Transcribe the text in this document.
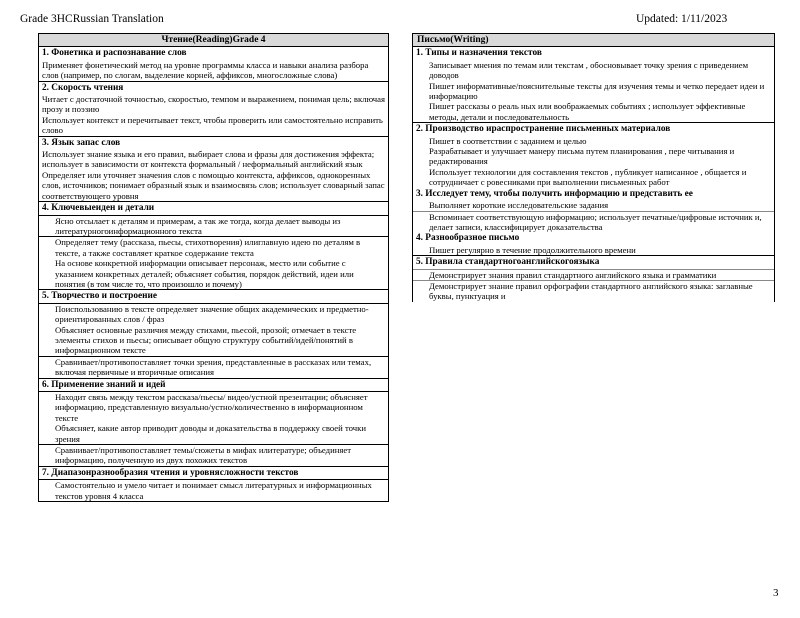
Grade 3HCRussian Translation	Updated: 1/11/2023
Чтение(Reading)Grade 4
1. Фонетика и распознавание слов
Применяет фонетический метод на уровне программы класса и навыки анализа разбора слов (например, по слогам, выделение корней, аффиксов, многосложные слова)
2. Скорость чтения
Читает с достаточной точностью, скоростью, темпом и выражением, понимая цель; включая прозу и поэзию
Использует контекст и перечитывает текст, чтобы проверить или самостоятельно исправить слово
3. Язык запас слов
Использует знание языка и его правил, выбирает слова и фразы для достижения эффекта; использует в зависимости от контекста формальный / неформальный английский язык
Определяет или уточняет значения слов с помощью контекста, аффиксов, однокоренных слов, источников; понимает образный язык и взаимосвязь слов; использует словарный запас соответствующего уровня
4. Ключевыеиден и детали
Ясно отсылает к деталям и примерам, а так же тогда, когда делает выводы из литературногоинформационного текста
Определяет тему (рассказа, пьесы, стихотворения) илиглавную идею по деталям в тексте, а также составляет краткое содержание текста
На основе конкретной информации описывает персонаж, место или событие с указанием конкретных деталей; объясняет события, порядок действий, идеи или понятия (в том числе то, что произошло и почему)
5. Творчество и построение
Поиспользованию в тексте определяет значение общих академических и предметно-ориентированных слов / фраз
Объясняет основные различия между стихами, пьесой, прозой; отмечает в тексте элементы стихов и пьесы; описывает общую структуру событий/идей/понятий в информационном тексте
Сравнивает/противопоставляет точки зрения, представленные в рассказах или темах, включая первичные и вторичные описания
6. Применение знаний и идей
Находит связь между текстом рассказа/пьесы/ видео/устной презентации; объясняет информацию, представленную визуально/устно/количественно в информационном тексте
Объясняет, какие автор приводит доводы и доказательства в поддержку своей точки зрения
Сравнивает/противопоставляет темы/сюжеты в мифах илитературе; объединяет информацию, полученную из двух похожих текстов
7. Диапазонразнообразия чтения и уровнясложности текстов
Самостоятельно и умело читает и понимает смысл литературных и информационных текстов уровня 4 класса
Письмо(Writing)
1. Типы и назначения текстов
Записывает мнения по темам или текстам , обосновывает точку зрения с приведением доводов
Пишет информативные/пояснительные тексты для изучения темы и четко передает идеи и информацию
Пишет рассказы о реаль ных или воображаемых событиях ; использует эффективные методы, детали и последовательность
2. Производство ираспространение письменных материалов
Пишет в соответствии с заданием и целью
Разрабатывает и улучшает манеру письма путем планирования , пере читывания и редактирования
Использует технологии для составления текстов , публикует написанное , общается и сотрудничает с ровесниками при выполнении письменных работ
3. Исследует тему, чтобы получить информацию и представить ее
Выполняет короткие исследовательские задания
Вспоминает соответствующую информацию; использует печатные/цифровые источник и, делает записи, классифицирует доказательства
4. Разнообразное письмо
Пишет регулярно в течение продолжительного времени
5. Правила стандартногоанглийскогоязыка
Демонстрирует знания правил стандартного английского языка и грамматики
Демонстрирует знание правил орфографии стандартного английского языка: заглавные буквы, пунктуация и
3
